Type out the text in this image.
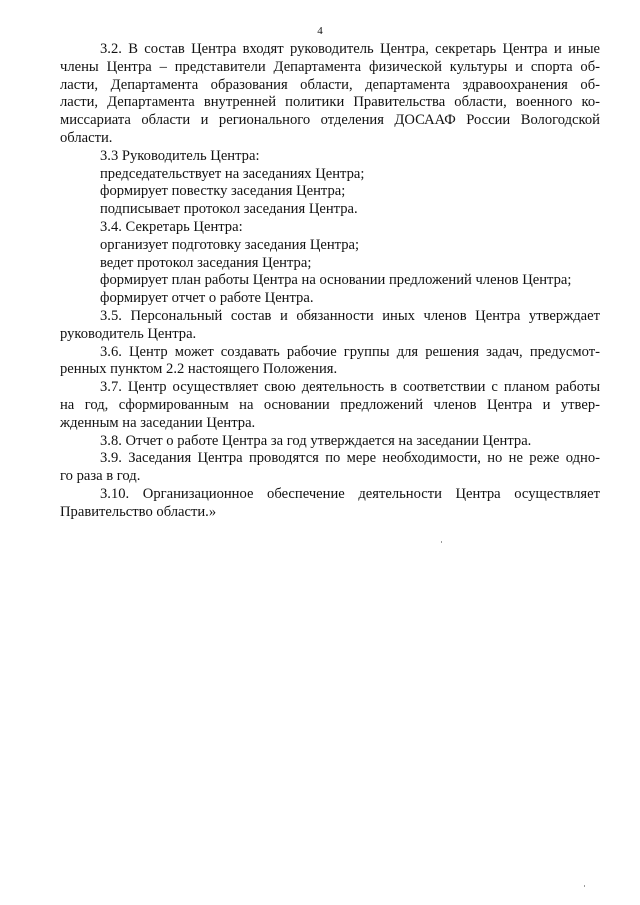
4

3.2. В состав Центра входят руководитель Центра, секретарь Центра и иные
члены Центра – представители Департамента физической культуры и спорта об-
ласти, Департамента образования области, департамента здравоохранения об-
ласти, Департамента внутренней политики Правительства области, военного ко-
миссариата области и регионального отделения ДОСААФ России Вологодской
области.

3.3 Руководитель Центра:

председательствует на заседаниях Центра;

формирует повестку заседания Центра;

подписывает протокол заседания Центра.

3.4. Секретарь Центра:

организует подготовку заседания Центра;

ведет протокол заседания Центра;

формирует план работы Центра на основании предложений членов Центра;

формирует отчет о работе Центра.

3.5. Персональный состав и обязанности иных членов Центра утверждает
руководитель Центра.

3.6. Центр может создавать рабочие группы для решения задач, предусмот-
ренных пунктом 2.2 настоящего Положения.

3.7. Центр осуществляет свою деятельность в соответствии с планом работы
на год, сформированным на основании предложений членов Центра и утвер-
жденным на заседании Центра.

3.8. Отчет о работе Центра за год утверждается на заседании Центра.

3.9. Заседания Центра проводятся по мере необходимости, но не реже одно-
го раза в год.

3.10. Организационное обеспечение деятельности Центра осуществляет
Правительство области.»
